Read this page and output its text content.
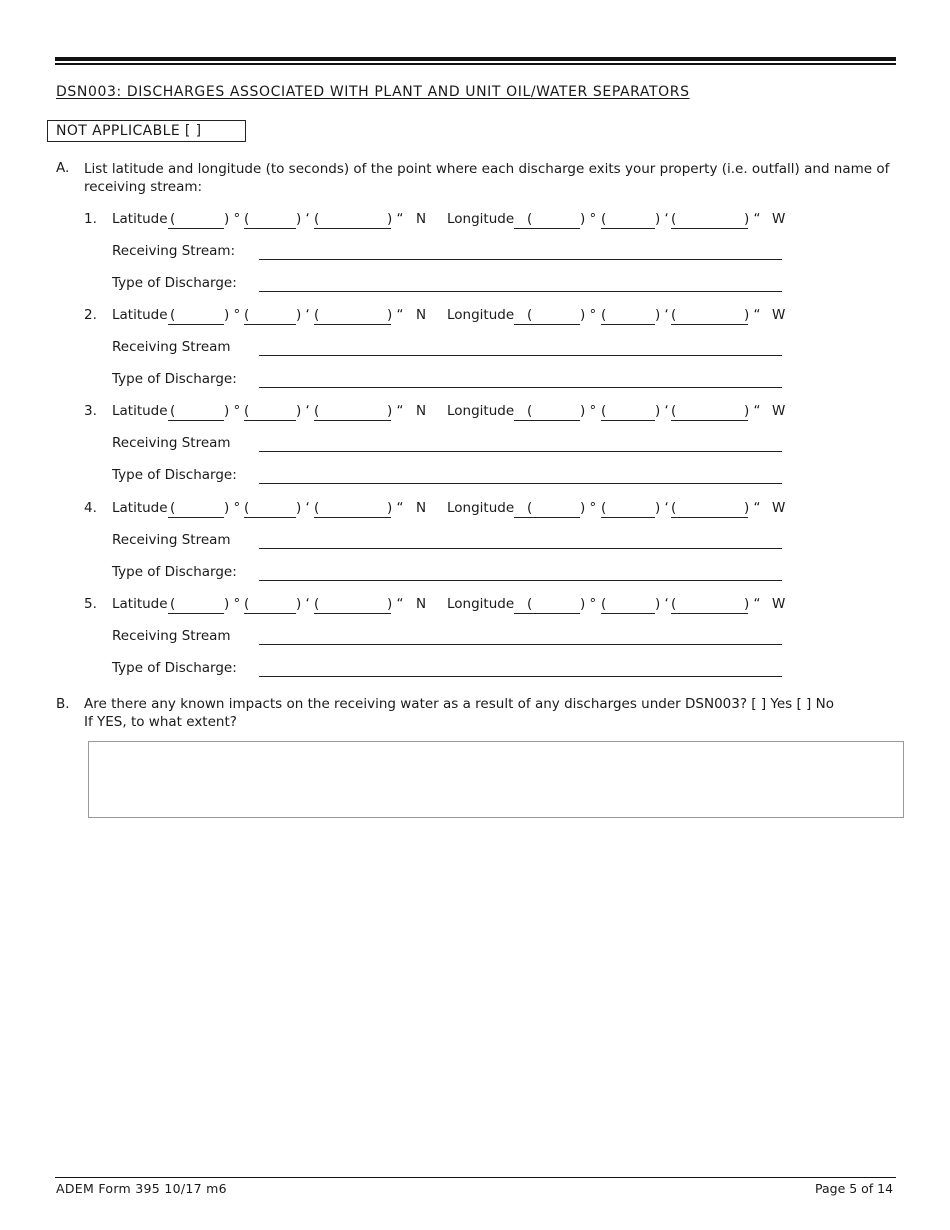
DSN003: DISCHARGES ASSOCIATED WITH PLANT AND UNIT OIL/WATER SEPARATORS
NOT APPLICABLE [ ]
A. List latitude and longitude (to seconds) of the point where each discharge exits your property (i.e. outfall) and name of receiving stream:
1. Latitude (	) ° (	) ‘ (	) “ N Longitude (	) ° (	) ‘ (	) “ W
Receiving Stream:
Type of Discharge:
2. Latitude (	) ° (	) ‘ (	) “ N Longitude (	) ° (	) ‘ (	) “ W
Receiving Stream
Type of Discharge:
3. Latitude (	) ° (	) ‘ (	) “ N Longitude (	) ° (	) ‘ (	) “ W
Receiving Stream
Type of Discharge:
4. Latitude (	) ° (	) ‘ (	) “ N Longitude (	) ° (	) ‘ (	) “ W
Receiving Stream
Type of Discharge:
5. Latitude (	) ° (	) ‘ (	) “ N Longitude (	) ° (	) ‘ (	) “ W
Receiving Stream
Type of Discharge:
B. Are there any known impacts on the receiving water as a result of any discharges under DSN003? [ ] Yes [ ] No
If YES, to what extent?
ADEM Form 395 10/17 m6	Page 5 of 14
